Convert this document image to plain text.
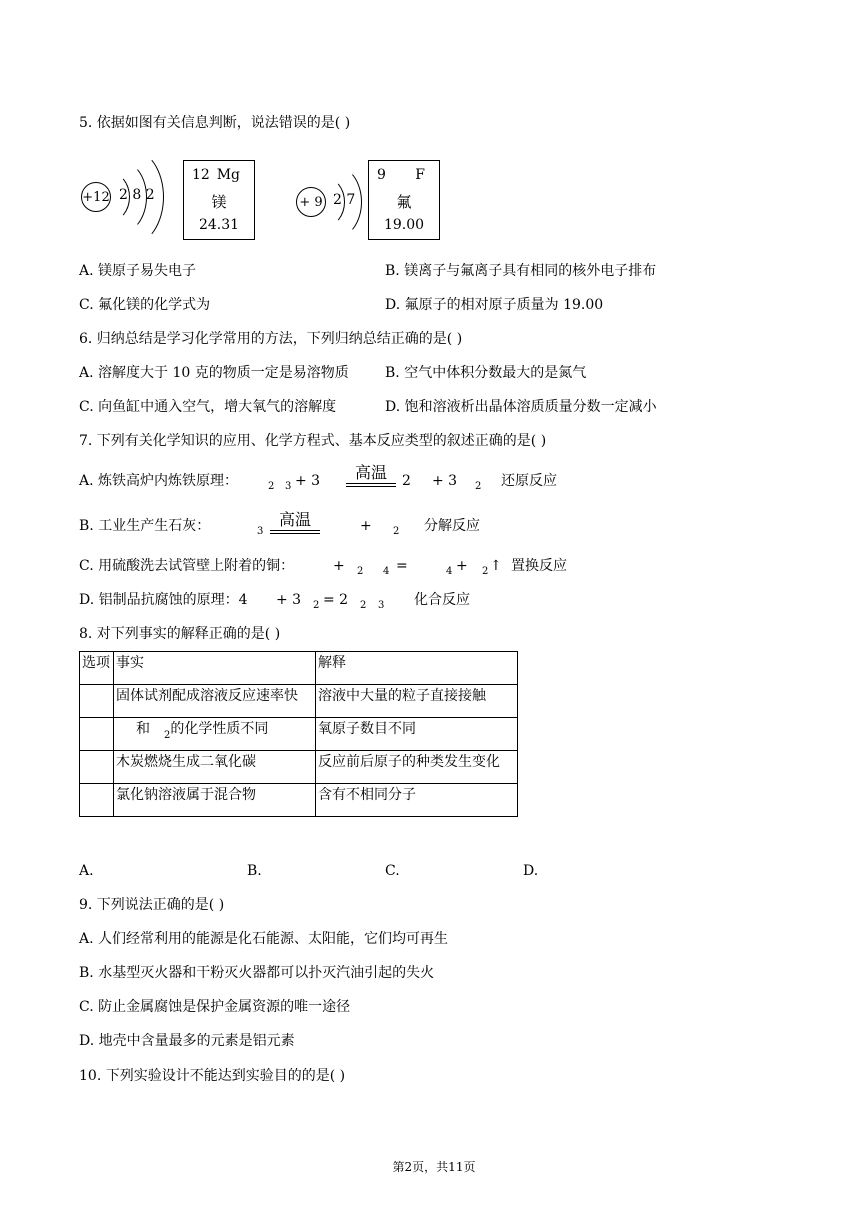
5. 依据如图有关信息判断，说法错误的是( )
+12 2 8 2
12 Mg
镁
24.31
+ 9 2 7
9 F
氟
19.00
A. 镁原子易失电子	B. 镁离子与氟离子具有相同的核外电子排布
C. 氟化镁的化学式为	D. 氟原子的相对原子质量为 19.00
6. 归纳总结是学习化学常用的方法，下列归纳总结正确的是( )
A. 溶解度大于 10 克的物质一定是易溶物质	B. 空气中体积分数最大的是氮气
C. 向鱼缸中通入空气，增大氧气的溶解度	D. 饱和溶液析出晶体溶质质量分数一定减小
7. 下列有关化学知识的应用、化学方程式、基本反应类型的叙述正确的是( )
A. 炼铁高炉内炼铁原理：	2 3 + 3	高温	2 + 3 2 还原反应
B. 工业生产生石灰：	3
高温	+ 2 分解反应
C. 用硫酸洗去试管壁上附着的铜：	+ 2 4 =	4 + 2 ↑ 置换反应
D. 铝制品抗腐蚀的原理：4 + 3 2 = 2 2 3 化合反应
8. 对下列事实的解释正确的是( )
选项	事实	解释
	固体试剂配成溶液反应速率快	溶液中大量的粒子直接接触
	和 $_2$的化学性质不同	氧原子数目不同
	木炭燃烧生成二氧化碳	反应前后原子的种类发生变化
	氯化钠溶液属于混合物	含有不相同分子
A.	B.	C.	D.
9. 下列说法正确的是( )
A. 人们经常利用的能源是化石能源、太阳能，它们均可再生
B. 水基型灭火器和干粉灭火器都可以扑灭汽油引起的失火
C. 防止金属腐蚀是保护金属资源的唯一途径
D. 地壳中含量最多的元素是铝元素
10. 下列实验设计不能达到实验目的的是( )
第2页，共11页
